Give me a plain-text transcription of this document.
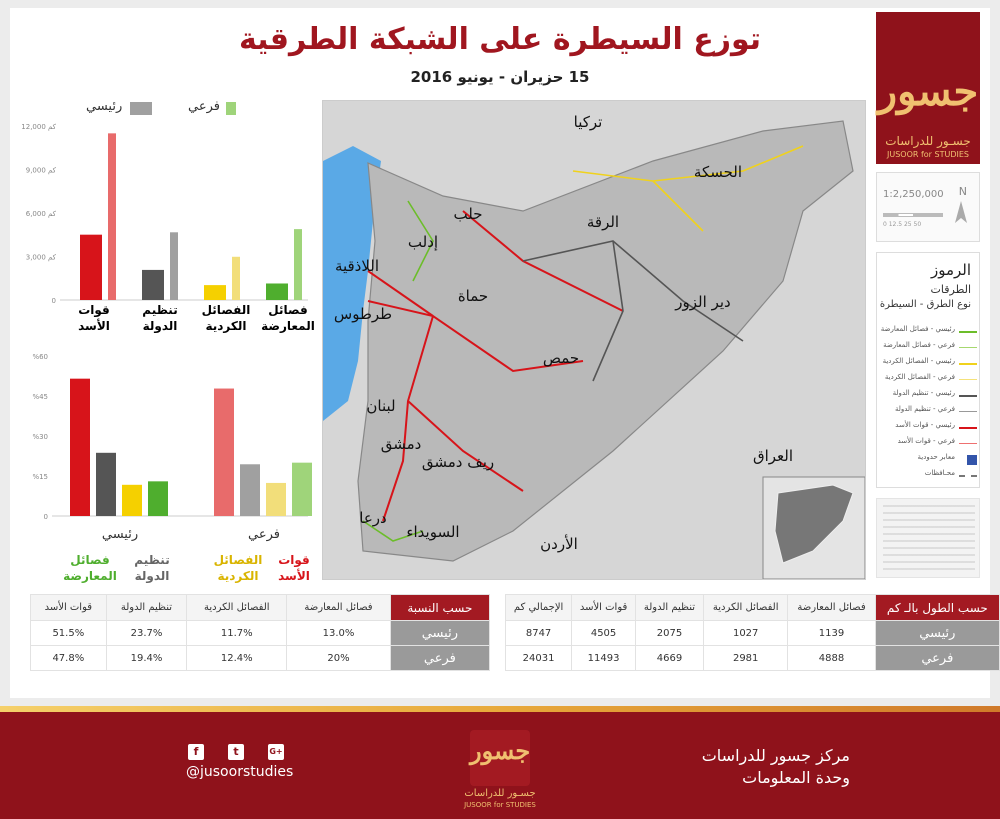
توزع السيطرة على الشبكة الطرقية
15 حزيران - يونيو 2016	جسور
جسـور للدراسات
JUSOOR for STUDIES
1:2,250,000 N
0 12.5 25 50
الرموز
الطرقات
نوع الطرق - السيطرة
رئيسي - فصائل المعارضة
فرعي - فصائل المعارضة
رئيسي - الفصائل الكردية
فرعي - الفصائل الكردية
رئيسي - تنظيم الدولة
فرعي - تنظيم الدولة
رئيسي - قوات الأسد
فرعي - قوات الأسد
معابر حدودية
محـافظات
تركيا
الحسكة
الرقة
حلب
إدلب
اللاذقية
حماة
طرطوس
دير الزور
حمص
لبنان
العراق
دمشق
ريف دمشق
درعا
السويداء
الأردن
رئيسي	فرعي
0
3,000 كم
6,000 كم
9,000 كم
12,000 كم
قوات
الأسد
تنظيم
الدولة
الفصائل
الكردية
فصائل
المعارضة
0
%15
%30
%45
%60
رئيسي	فرعي
قوات
الأسد
الفصائل
الكردية
تنظيم
الدولة
فصائل
المعارضة
حسب الطول بالـ كم	فصائل المعارضة	الفصائل الكردية	تنظيم الدولة	قوات الأسد	الإجمالي كم
رئيسي	1139	1027	2075	4505	8747
فرعي	4888	2981	4669	11493	24031
حسب النسبة	فصائل المعارضة	الفصائل الكردية	تنظيم الدولة	قوات الأسد
رئيسي	13.0%	11.7%	23.7%	51.5%
فرعي	20%	12.4%	19.4%	47.8%
مركز جسور للدراسات
وحدة المعلومات
جسور
جسـور للدراسات
JUSOOR for STUDIES
@jusoorstudies
f	t	G+
